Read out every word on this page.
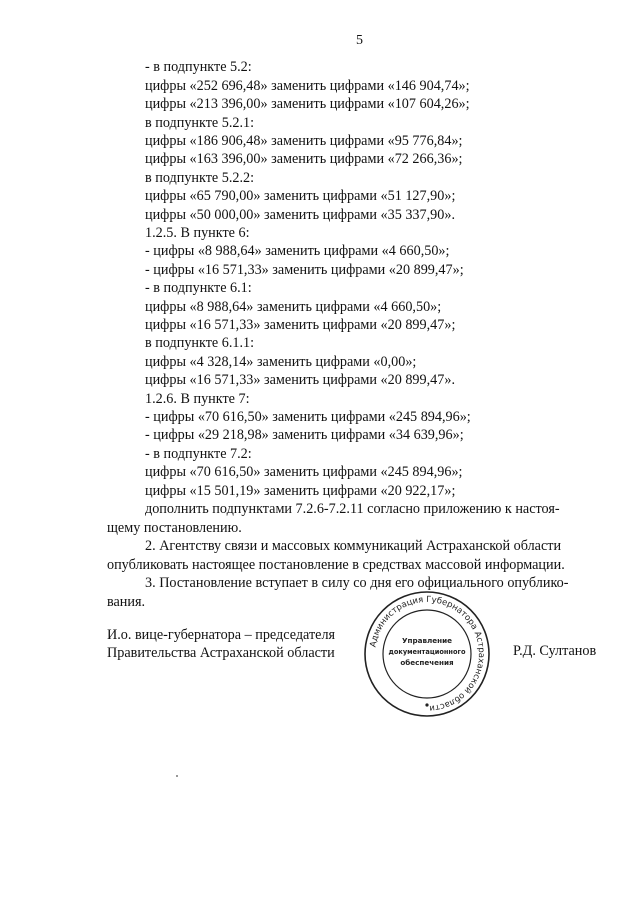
5
- в подпункте 5.2:
цифры «252 696,48» заменить цифрами «146 904,74»;
цифры «213 396,00» заменить цифрами «107 604,26»;
в подпункте 5.2.1:
цифры «186 906,48» заменить цифрами «95 776,84»;
цифры «163 396,00» заменить цифрами «72 266,36»;
в подпункте 5.2.2:
цифры «65 790,00» заменить цифрами «51 127,90»;
цифры «50 000,00» заменить цифрами «35 337,90».
1.2.5. В пункте 6:
- цифры «8 988,64» заменить цифрами «4 660,50»;
- цифры «16 571,33» заменить цифрами «20 899,47»;
- в подпункте 6.1:
цифры «8 988,64» заменить цифрами «4 660,50»;
цифры «16 571,33» заменить цифрами «20 899,47»;
в подпункте 6.1.1:
цифры «4 328,14» заменить цифрами «0,00»;
цифры «16 571,33» заменить цифрами «20 899,47».
1.2.6. В пункте 7:
- цифры «70 616,50» заменить цифрами «245 894,96»;
- цифры «29 218,98» заменить цифрами «34 639,96»;
- в подпункте 7.2:
цифры «70 616,50» заменить цифрами «245 894,96»;
цифры «15 501,19» заменить цифрами «20 922,17»;

дополнить подпунктами 7.2.6-7.2.11 согласно приложению к настоя-

щему постановлению.

2. Агентству связи и массовых коммуникаций Астраханской области

опубликовать настоящее постановление в средствах массовой информации.

3. Постановление вступает в силу со дня его официального опублико-

вания.

И.о. вице-губернатора – председателя
Правительства Астраханской области
Администрация Губернатора Астраханской области
Управление
документационного
обеспечения
Р.Д. Султанов
